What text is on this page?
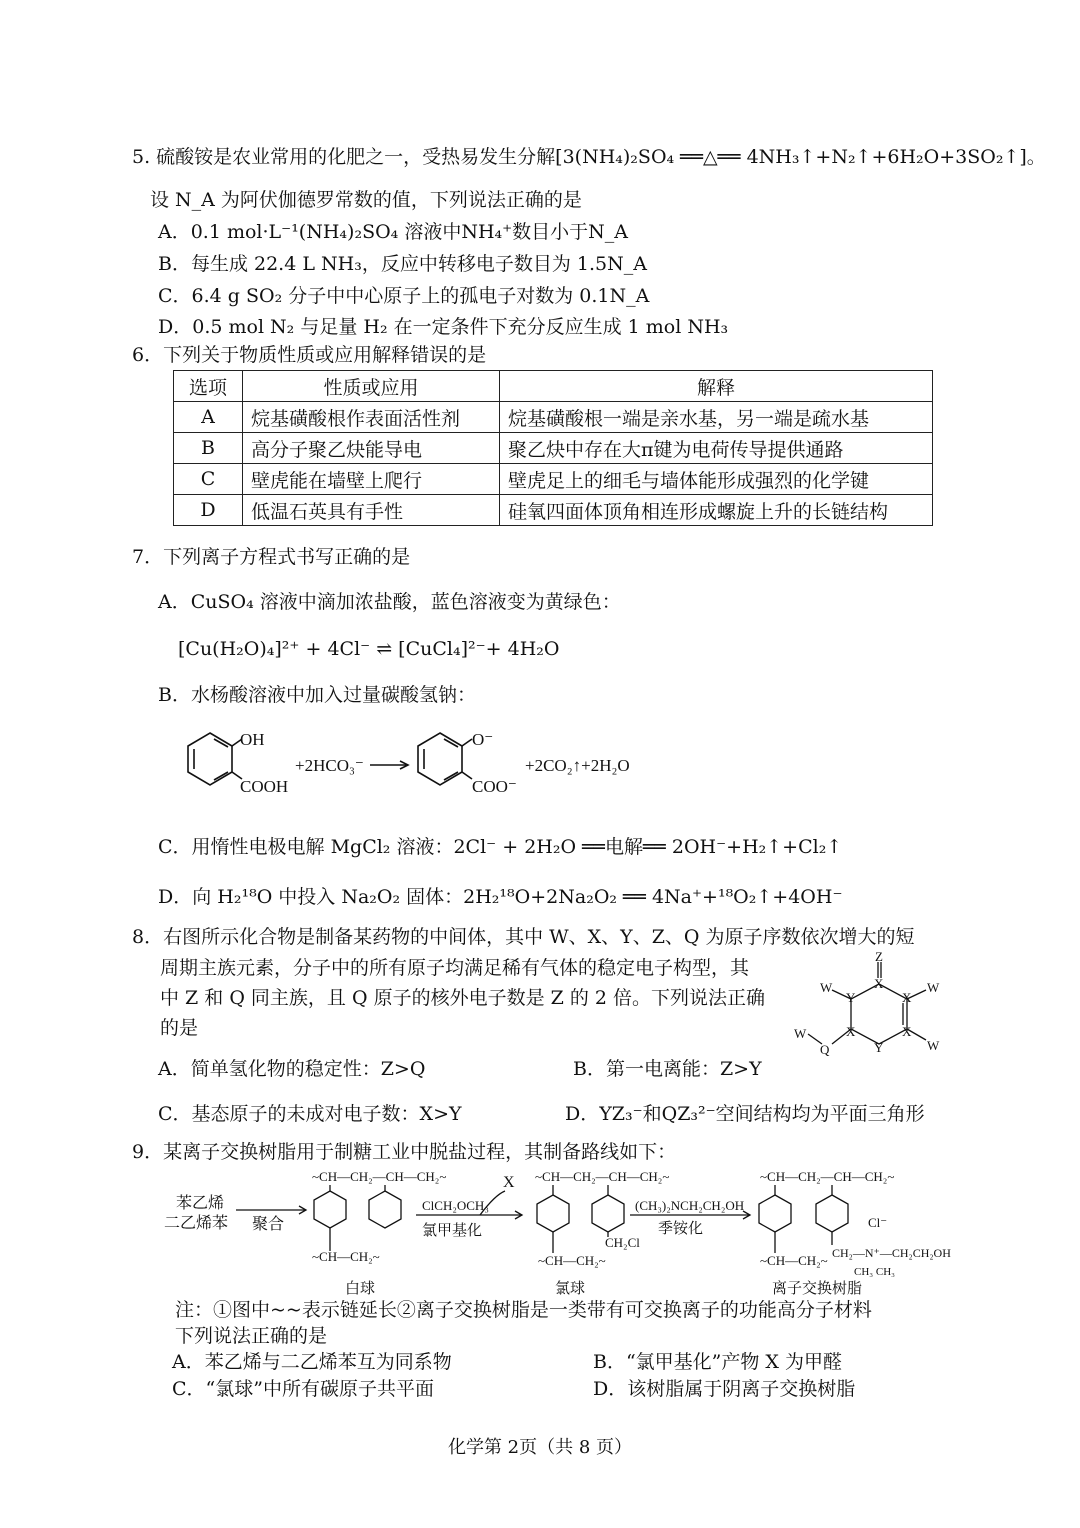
5. 硫酸铵是农业常用的化肥之一，受热易发生分解[3(NH₄)₂SO₄ ══△══ 4NH₃↑+N₂↑+6H₂O+3SO₂↑]。
设 N_A 为阿伏伽德罗常数的值，下列说法正确的是
A．0.1 mol·L⁻¹(NH₄)₂SO₄ 溶液中NH₄⁺数目小于N_A
B．每生成 22.4 L NH₃，反应中转移电子数目为 1.5N_A
C．6.4 g SO₂ 分子中中心原子上的孤电子对数为 0.1N_A
D．0.5 mol N₂ 与足量 H₂ 在一定条件下充分反应生成 1 mol NH₃
6．下列关于物质性质或应用解释错误的是
选项	性质或应用	解释
A	烷基磺酸根作表面活性剂	烷基磺酸根一端是亲水基，另一端是疏水基
B	高分子聚乙炔能导电	聚乙炔中存在大π键为电荷传导提供通路
C	壁虎能在墙壁上爬行	壁虎足上的细毛与墙体能形成强烈的化学键
D	低温石英具有手性	硅氧四面体顶角相连形成螺旋上升的长链结构
7．下列离子方程式书写正确的是
A．CuSO₄ 溶液中滴加浓盐酸，蓝色溶液变为黄绿色：
[Cu(H₂O)₄]²⁺ + 4Cl⁻ ⇌ [CuCl₄]²⁻+ 4H₂O
B．水杨酸溶液中加入过量碳酸氢钠：
OH
COOH
+2HCO₃⁻
O⁻
COO⁻
+2CO₂↑+2H₂O
C．用惰性电极电解 MgCl₂ 溶液：2Cl⁻ + 2H₂O ══电解══ 2OH⁻+H₂↑+Cl₂↑
D．向 H₂¹⁸O 中投入 Na₂O₂ 固体：2H₂¹⁸O+2Na₂O₂ ══ 4Na⁺+¹⁸O₂↑+4OH⁻
8．右图所示化合物是制备某药物的中间体，其中 W、X、Y、Z、Q 为原子序数依次增大的短
周期主族元素，分子中的所有原子均满足稀有气体的稳定电子构型，其
中 Z 和 Q 同主族，且 Q 原子的核外电子数是 Z 的 2 倍。下列说法正确
的是
Z
X
Y	X
X
Y
X
W	W
W
Q
W
A．简单氢化物的稳定性：Z>Q	B．第一电离能：Z>Y
C．基态原子的未成对电子数：X>Y	D．YZ₃⁻和QZ₃²⁻空间结构均为平面三角形
9．某离子交换树脂用于制糖工业中脱盐过程，其制备路线如下：
苯乙烯
二乙烯苯 聚合
~CH—CH₂—CH—CH₂~
~CH—CH₂~
ClCH₂OCH₃
X
氯甲基化
~CH—CH₂—CH—CH₂~
~CH—CH₂~
CH₂Cl
(CH₃)₂NCH₂CH₂OH
季铵化
~CH—CH₂—CH—CH₂~
~CH—CH₂~
Cl⁻
CH₂—N⁺—CH₂CH₂OH
CH₃ CH₃
白球	氯球	离子交换树脂
注：①图中~~表示链延长②离子交换树脂是一类带有可交换离子的功能高分子材料
下列说法正确的是
A．苯乙烯与二乙烯苯互为同系物	B．“氯甲基化”产物 X 为甲醛
C．“氯球”中所有碳原子共平面	D．该树脂属于阴离子交换树脂
化学第 2页（共 8 页）
